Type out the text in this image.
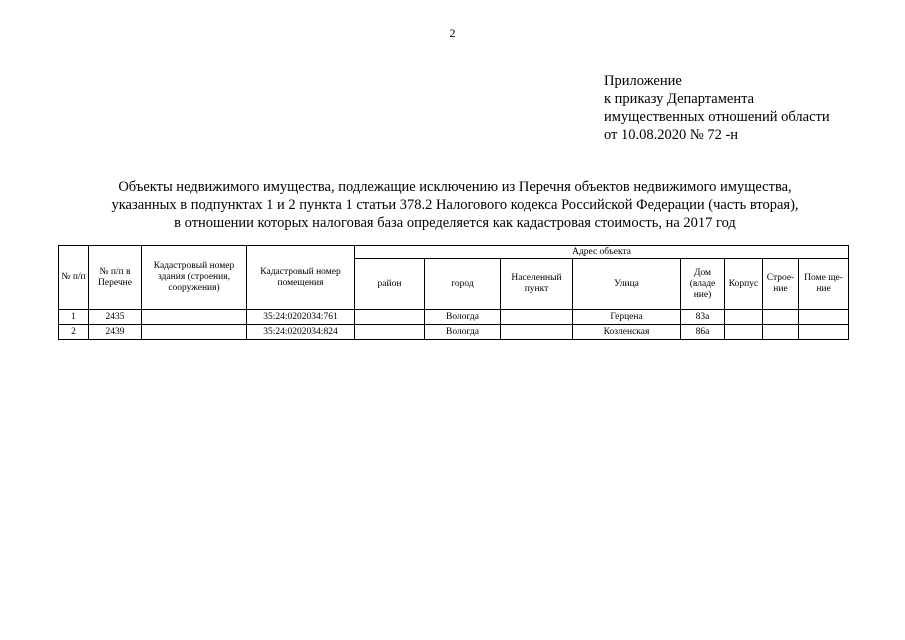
2
Приложение
к приказу Департамента
имущественных отношений области
от 10.08.2020 № 72 -н
Объекты недвижимого имущества, подлежащие исключению из Перечня объектов недвижимого имущества,
указанных в подпунктах 1 и 2 пункта 1 статьи 378.2 Налогового кодекса Российской Федерации (часть вторая),
в отношении которых налоговая база определяется как кадастровая стоимость, на 2017 год
№ п/п	№ п/п в Перечне	Кадастровый номер здания (строения, сооружения)	Кадастровый номер помещения	Адрес объекта							
				район	город	Населенный пункт	Улица	Дом (владе ние)	Корпус	Строе- ние	Поме ще- ние
1	2435		35:24:0202034:761		Вологда		Герцена	83а			
2	2439		35:24:0202034:824		Вологда		Козленская	86а			
